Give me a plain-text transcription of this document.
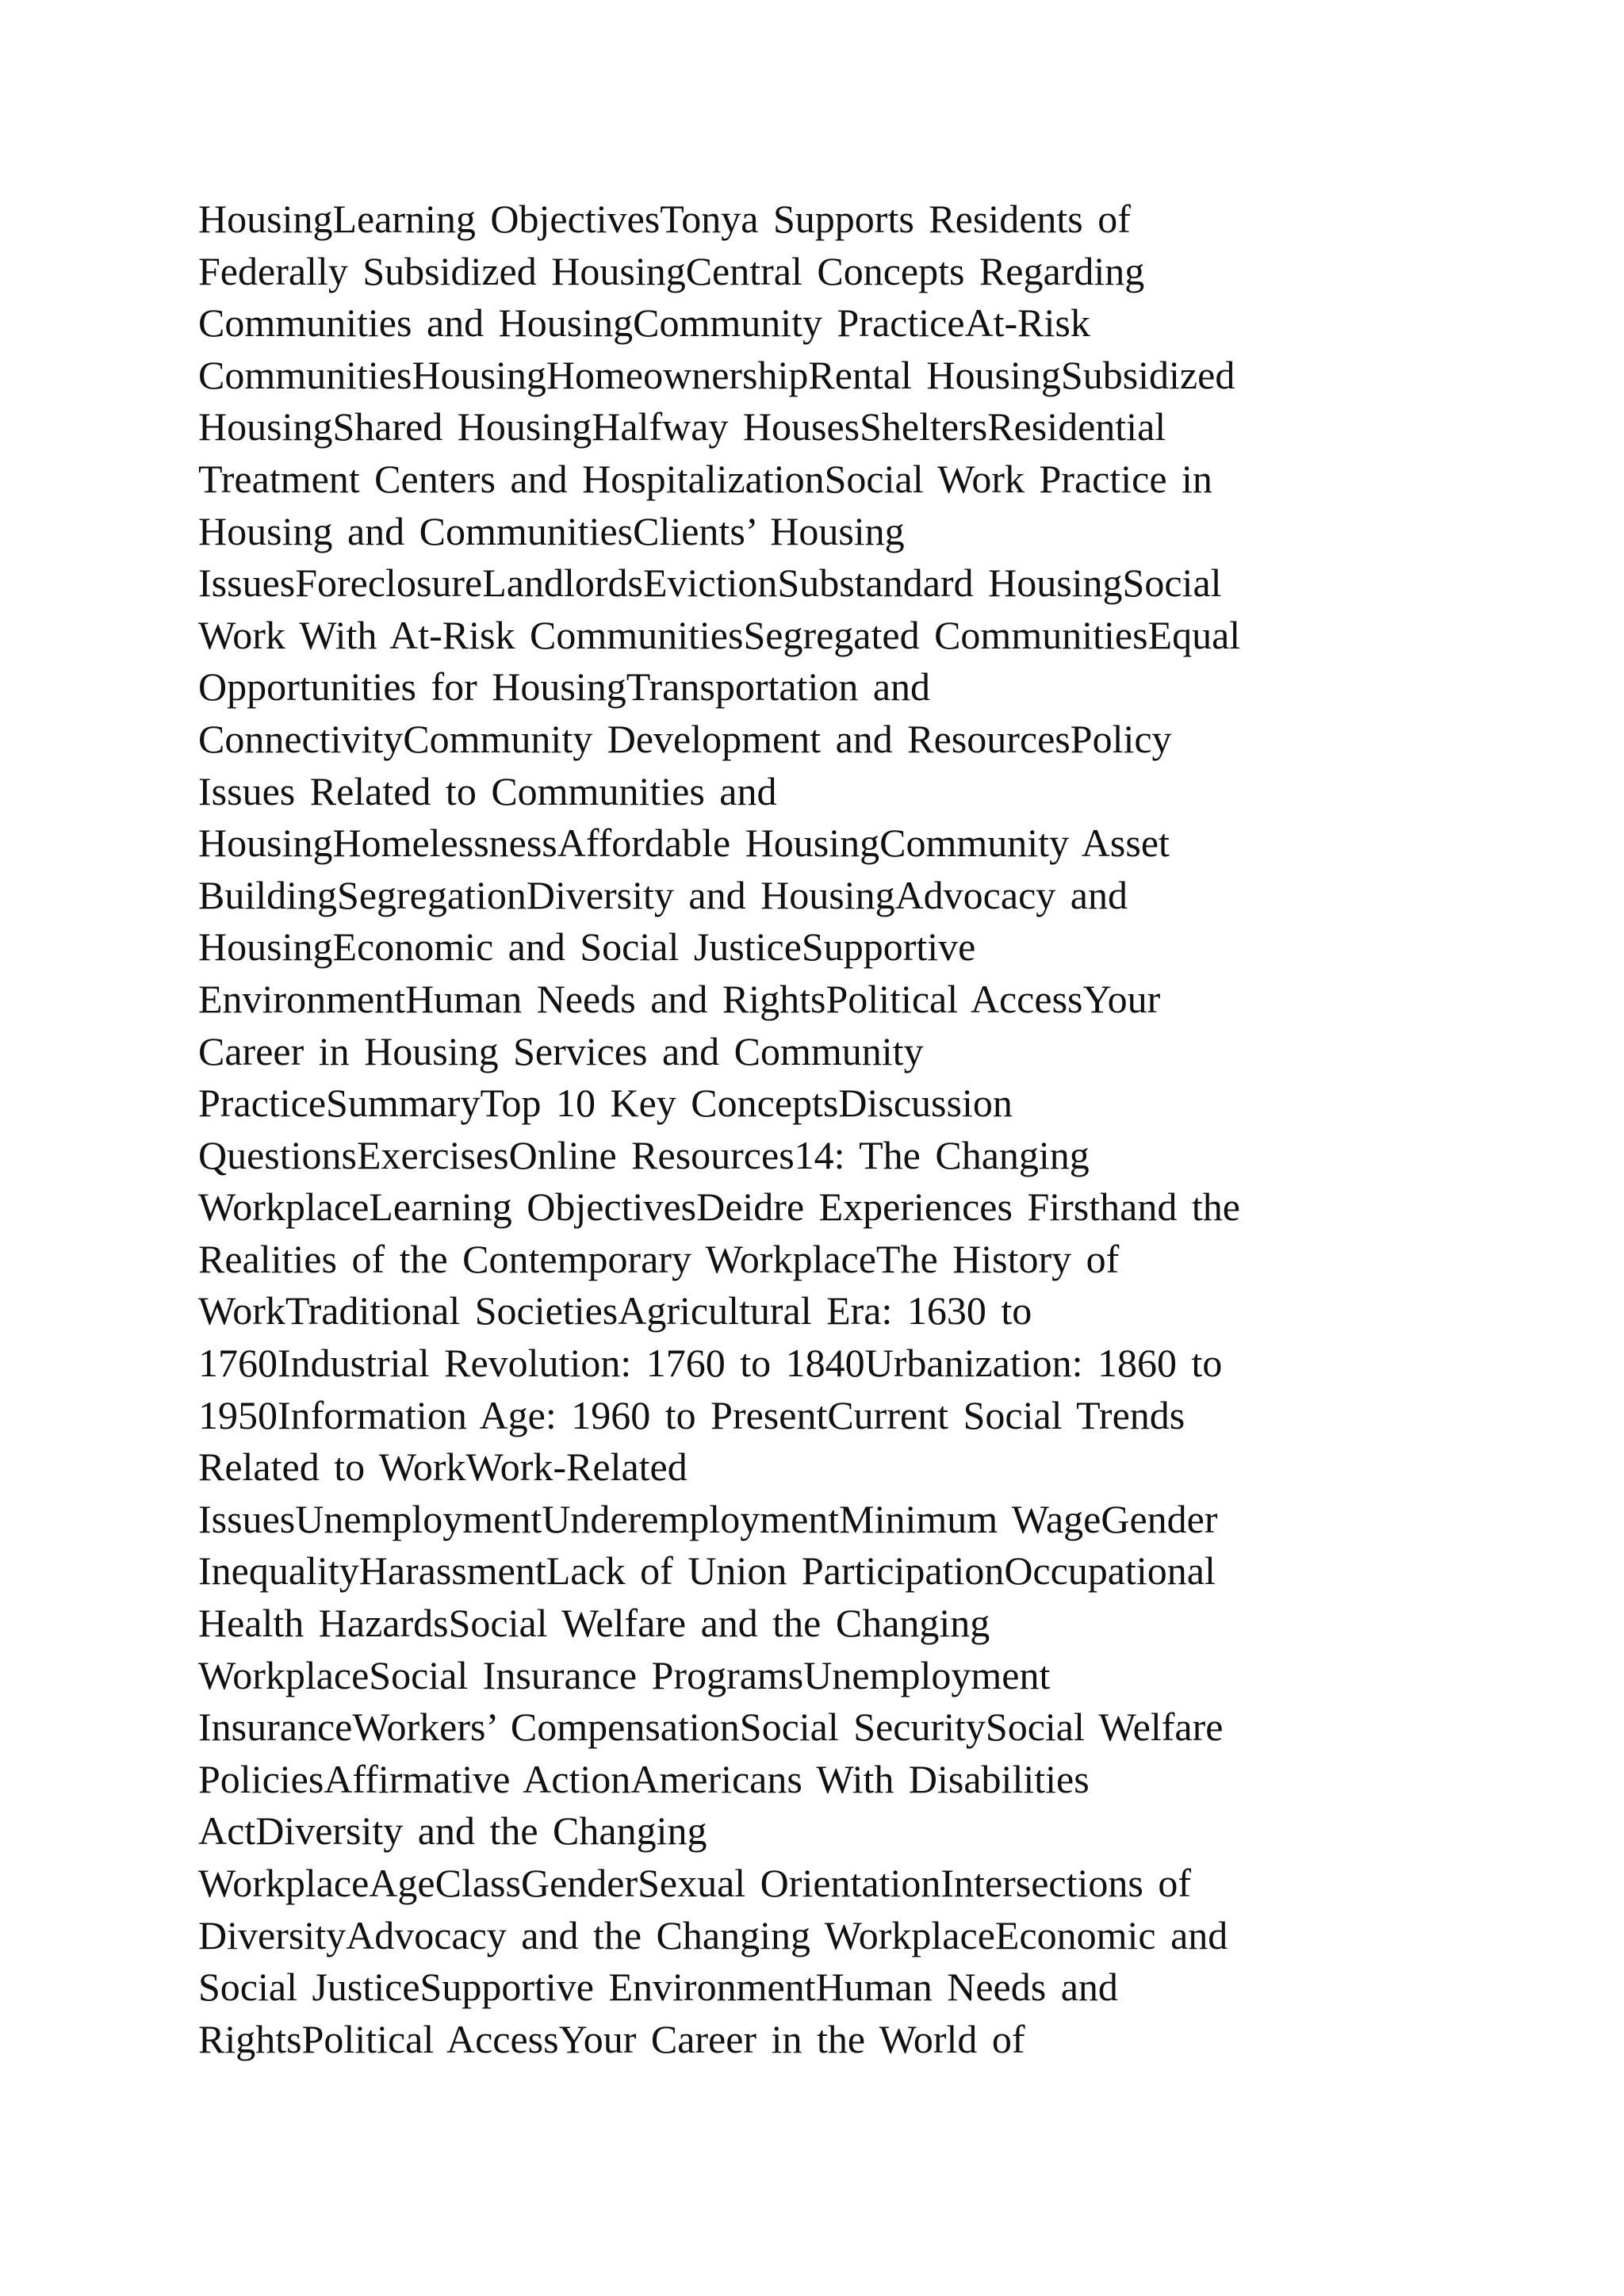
HousingLearning ObjectivesTonya Supports Residents of
Federally Subsidized HousingCentral Concepts Regarding
Communities and HousingCommunity PracticeAt-Risk
CommunitiesHousingHomeownershipRental HousingSubsidized
HousingShared HousingHalfway HousesSheltersResidential
Treatment Centers and HospitalizationSocial Work Practice in
Housing and CommunitiesClients’ Housing
IssuesForeclosureLandlordsEvictionSubstandard HousingSocial
Work With At-Risk CommunitiesSegregated CommunitiesEqual
Opportunities for HousingTransportation and
ConnectivityCommunity Development and ResourcesPolicy
Issues Related to Communities and
HousingHomelessnessAffordable HousingCommunity Asset
BuildingSegregationDiversity and HousingAdvocacy and
HousingEconomic and Social JusticeSupportive
EnvironmentHuman Needs and RightsPolitical AccessYour
Career in Housing Services and Community
PracticeSummaryTop 10 Key ConceptsDiscussion
QuestionsExercisesOnline Resources14: The Changing
WorkplaceLearning ObjectivesDeidre Experiences Firsthand the
Realities of the Contemporary WorkplaceThe History of
WorkTraditional SocietiesAgricultural Era: 1630 to
1760Industrial Revolution: 1760 to 1840Urbanization: 1860 to
1950Information Age: 1960 to PresentCurrent Social Trends
Related to WorkWork-Related
IssuesUnemploymentUnderemploymentMinimum WageGender
InequalityHarassmentLack of Union ParticipationOccupational
Health HazardsSocial Welfare and the Changing
WorkplaceSocial Insurance ProgramsUnemployment
InsuranceWorkers’ CompensationSocial SecuritySocial Welfare
PoliciesAffirmative ActionAmericans With Disabilities
ActDiversity and the Changing
WorkplaceAgeClassGenderSexual OrientationIntersections of
DiversityAdvocacy and the Changing WorkplaceEconomic and
Social JusticeSupportive EnvironmentHuman Needs and
RightsPolitical AccessYour Career in the World of
